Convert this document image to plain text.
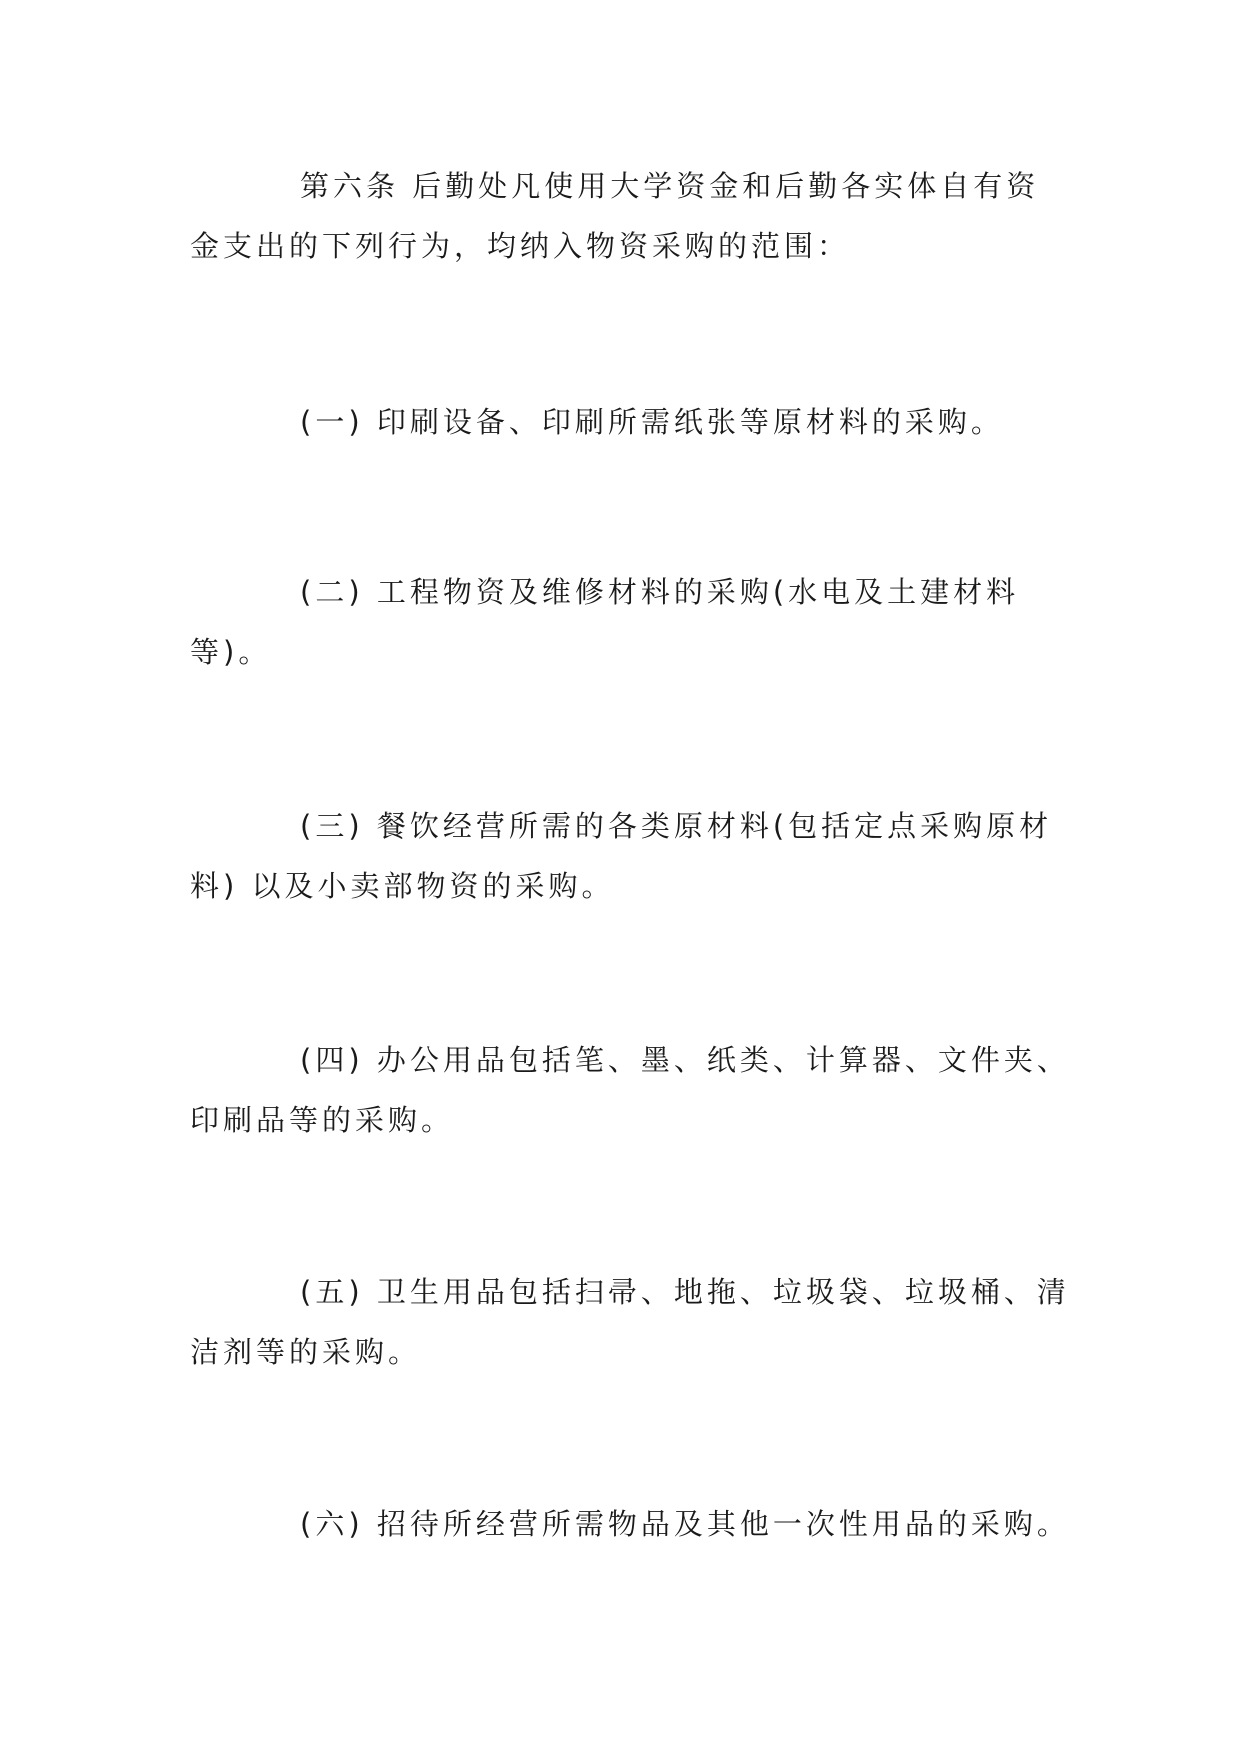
第六条 后勤处凡使用大学资金和后勤各实体自有资
金支出的下列行为，均纳入物资采购的范围：

(一) 印刷设备、印刷所需纸张等原材料的采购。

(二) 工程物资及维修材料的采购(水电及土建材料
等)。

(三) 餐饮经营所需的各类原材料(包括定点采购原材
料) 以及小卖部物资的采购。

(四) 办公用品包括笔、墨、纸类、计算器、文件夹、
印刷品等的采购。

(五) 卫生用品包括扫帚、地拖、垃圾袋、垃圾桶、清
洁剂等的采购。

(六) 招待所经营所需物品及其他一次性用品的采购。
